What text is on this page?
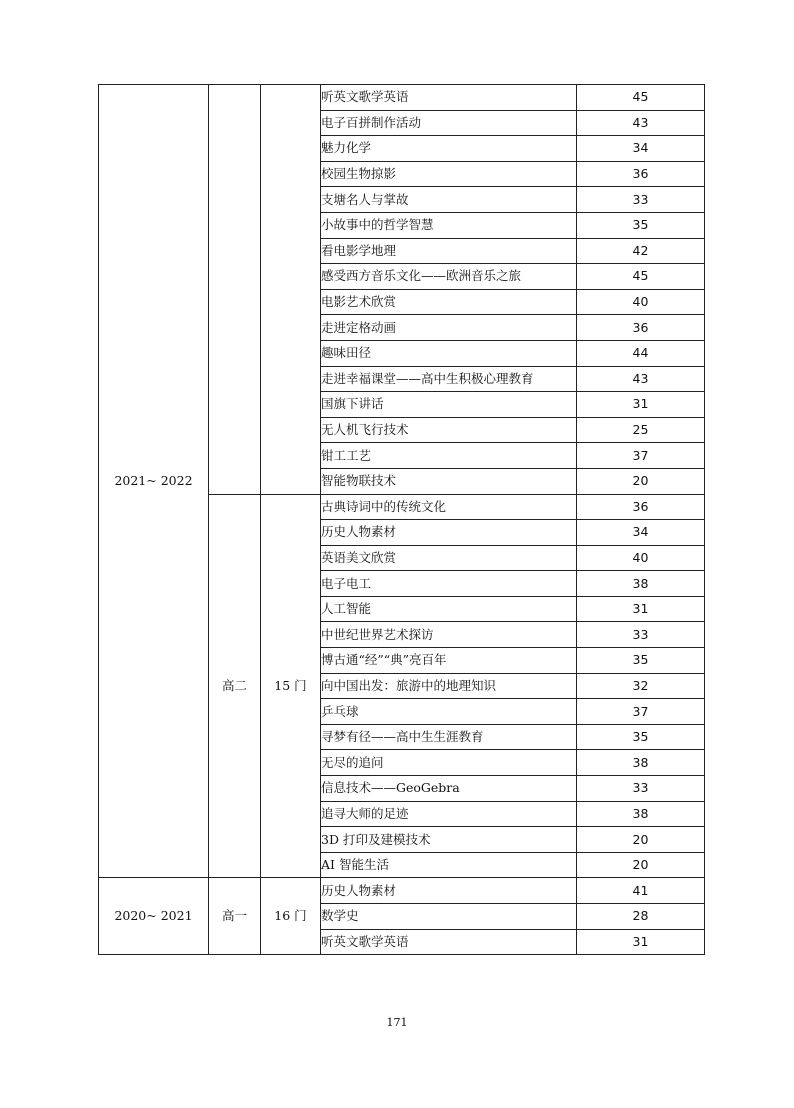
2021~ 2022			听英文歌学英语	45
			电子百拼制作活动	43
			魅力化学	34
			校园生物掠影	36
			支塘名人与掌故	33
			小故事中的哲学智慧	35
			看电影学地理	42
			感受西方音乐文化——欧洲音乐之旅	45
			电影艺术欣赏	40
			走进定格动画	36
			趣味田径	44
			走进幸福课堂——高中生积极心理教育	43
			国旗下讲话	31
			无人机飞行技术	25
			钳工工艺	37
			智能物联技术	20
	高二	15 门	古典诗词中的传统文化	36
			历史人物素材	34
			英语美文欣赏	40
			电子电工	38
			人工智能	31
			中世纪世界艺术探访	33
			博古通“经”“典”亮百年	35
			向中国出发：旅游中的地理知识	32
			乒乓球	37
			寻梦有径——高中生生涯教育	35
			无尽的追问	38
			信息技术——GeoGebra	33
			追寻大师的足迹	38
			3D 打印及建模技术	20
			AI 智能生活	20
2020~ 2021	高一	16 门	历史人物素材	41
			数学史	28
			听英文歌学英语	31
171
